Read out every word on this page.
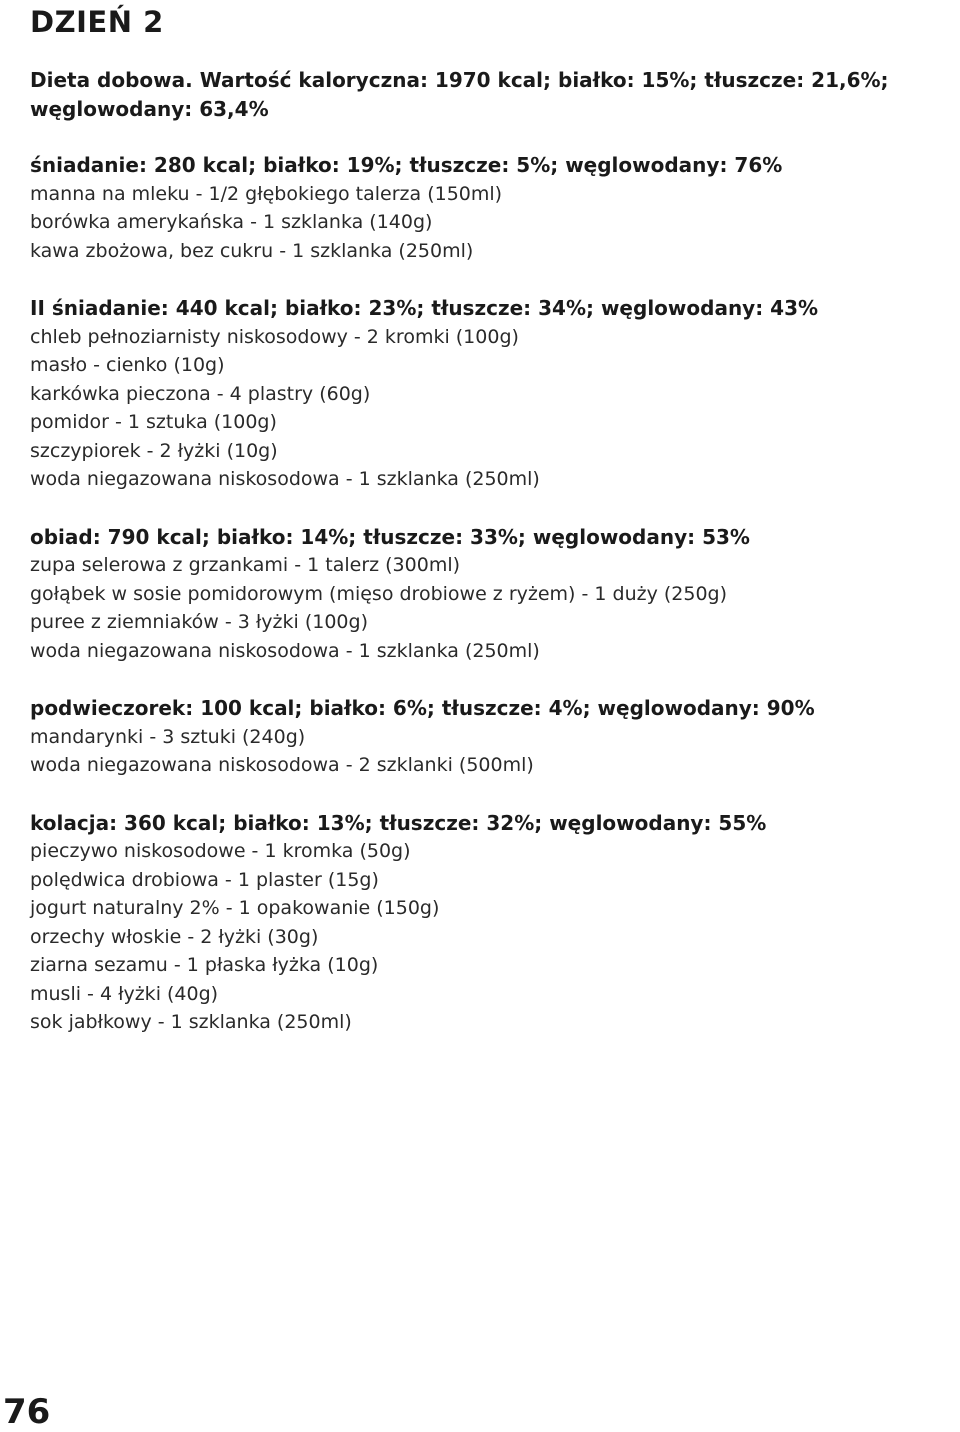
DZIEŃ 2

Dieta dobowa. Wartość kaloryczna: 1970 kcal; białko: 15%; tłuszcze: 21,6%; węglowodany: 63,4%

śniadanie: 280 kcal; białko: 19%; tłuszcze: 5%; węglowodany: 76%

manna na mleku - 1/2 głębokiego talerza (150ml)
borówka amerykańska - 1 szklanka (140g)
kawa zbożowa, bez cukru - 1 szklanka (250ml)

II śniadanie: 440 kcal; białko: 23%; tłuszcze: 34%; węglowodany: 43%

chleb pełnoziarnisty niskosodowy - 2 kromki (100g)
masło - cienko (10g)
karkówka pieczona - 4 plastry (60g)
pomidor - 1 sztuka (100g)
szczypiorek - 2 łyżki (10g)
woda niegazowana niskosodowa - 1 szklanka (250ml)

obiad: 790 kcal; białko: 14%; tłuszcze: 33%; węglowodany: 53%

zupa selerowa z grzankami - 1 talerz (300ml)
gołąbek w sosie pomidorowym (mięso drobiowe z ryżem) - 1 duży (250g)
puree z ziemniaków - 3 łyżki (100g)
woda niegazowana niskosodowa - 1 szklanka (250ml)

podwieczorek: 100 kcal; białko: 6%; tłuszcze: 4%; węglowodany: 90%

mandarynki - 3 sztuki (240g)
woda niegazowana niskosodowa - 2 szklanki (500ml)

kolacja: 360 kcal; białko: 13%; tłuszcze: 32%; węglowodany: 55%

pieczywo niskosodowe - 1 kromka (50g)
polędwica drobiowa - 1 plaster (15g)
jogurt naturalny 2% - 1 opakowanie (150g)
orzechy włoskie - 2 łyżki (30g)
ziarna sezamu - 1 płaska łyżka (10g)
musli - 4 łyżki (40g)
sok jabłkowy - 1 szklanka (250ml)
76
